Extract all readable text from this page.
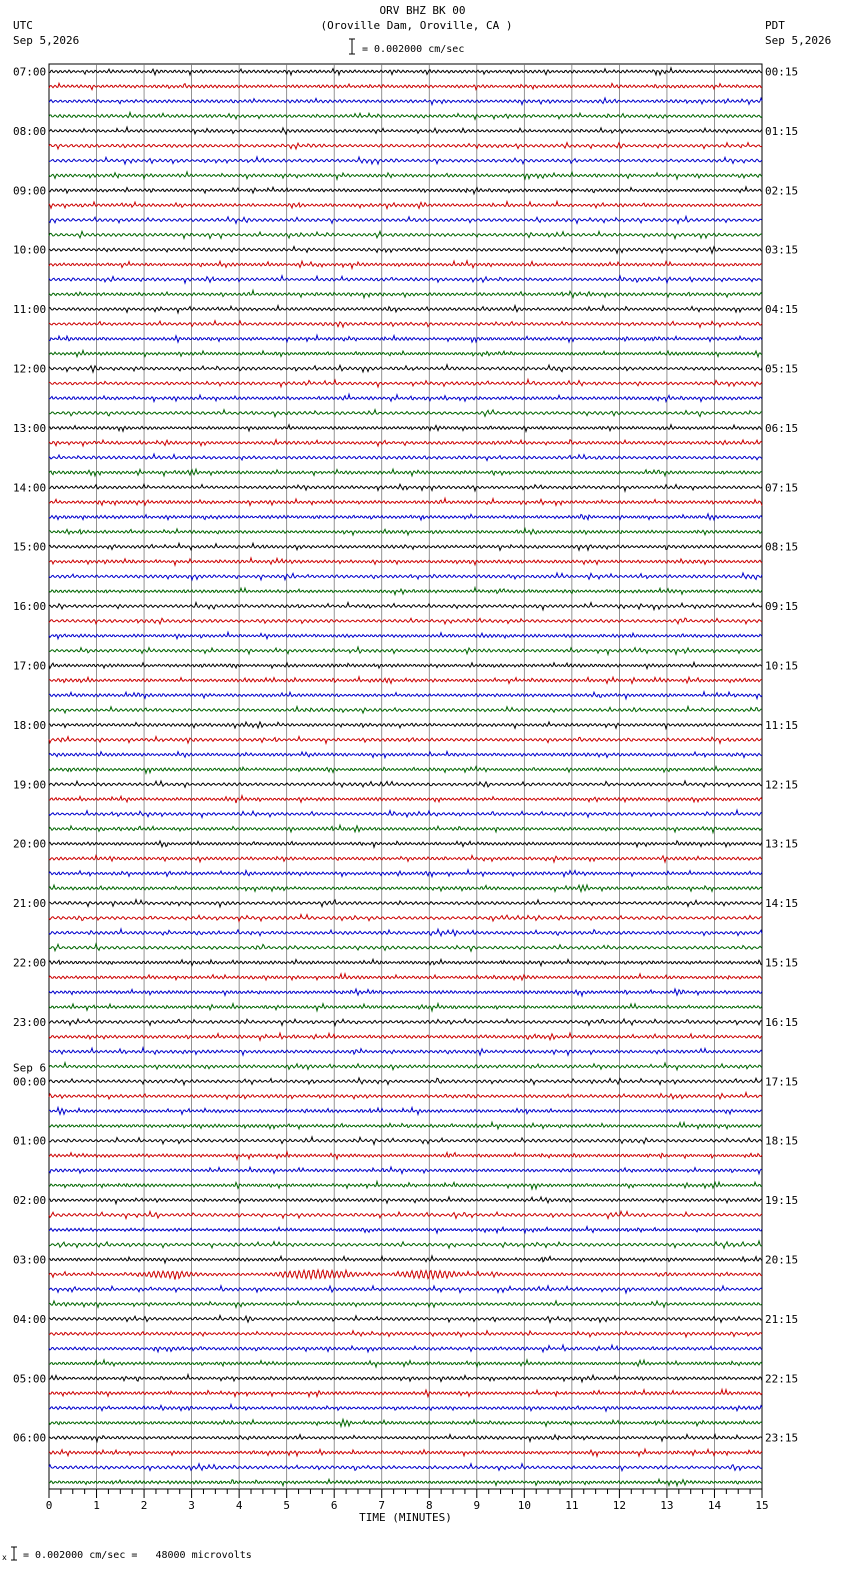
ORV BHZ BK 00
(Oroville Dam, Oroville, CA )
UTC
Sep 5,2026
PDT
Sep 5,2026
= 0.002000 cm/sec
x = 0.002000 cm/sec =   48000 microvolts
07:00	00:15
08:00	01:15
09:00	02:15
10:00	03:15
11:00	04:15
12:00	05:15
13:00	06:15
14:00	07:15
15:00	08:15
16:00	09:15
17:00	10:15
18:00	11:15
19:00	12:15
20:00	13:15
21:00	14:15
22:00	15:15
23:00	16:15
00:00	17:15
Sep 6
01:00	18:15
02:00	19:15
03:00	20:15
04:00	21:15
05:00	22:15
06:00	23:15
0	1	2	3	4	5	6	7	8	9	10	11	12	13	14	15
TIME (MINUTES)
